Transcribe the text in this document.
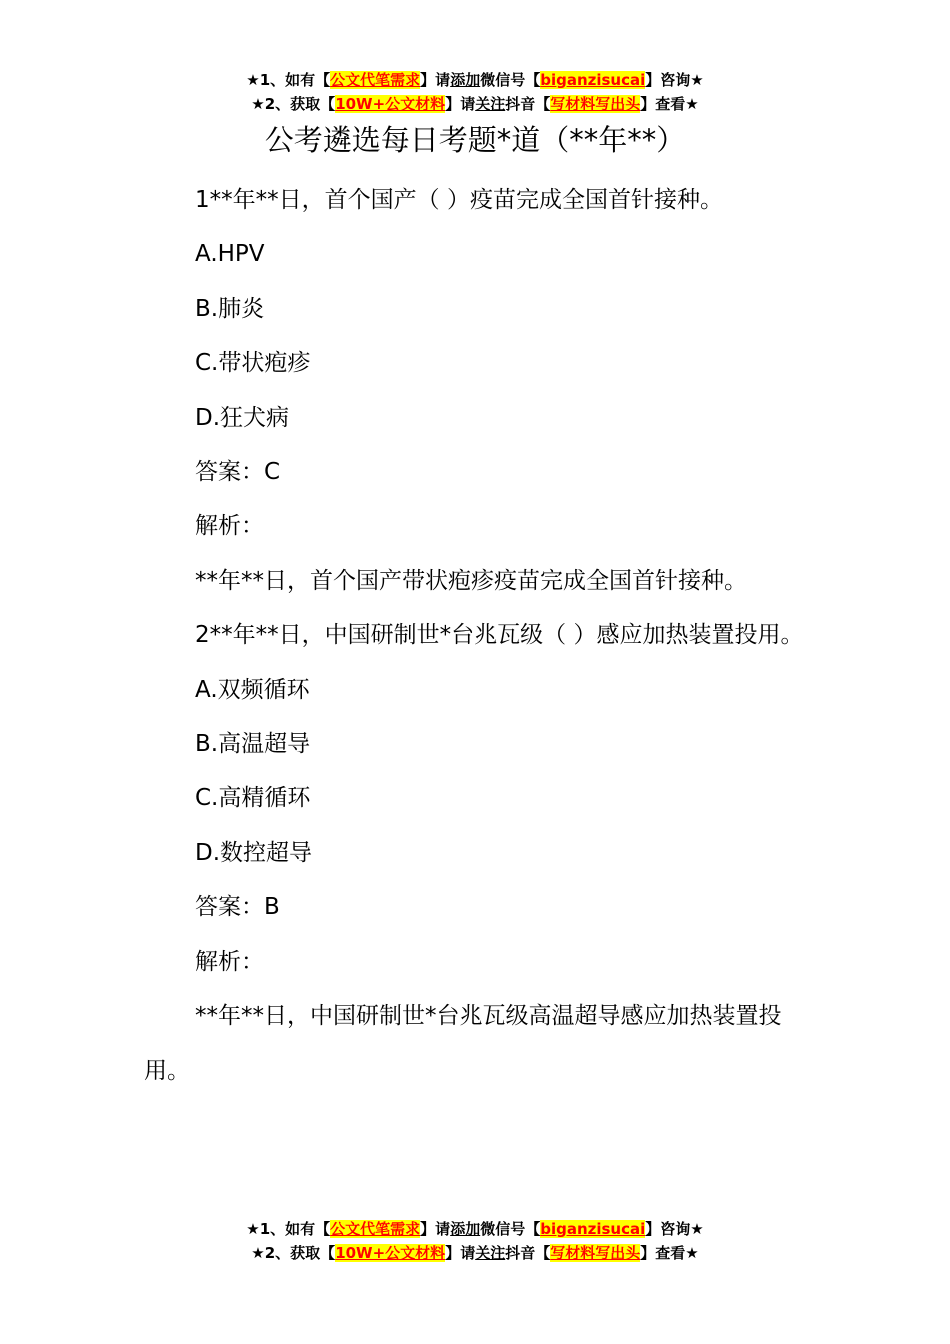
★1、如有【公文代笔需求】请添加微信号【biganzisucai】咨询★
★2、获取【10W+公文材料】请关注抖音【写材料写出头】查看★
公考遴选每日考题*道（**年**）

1**年**日，首个国产（ ）疫苗完成全国首针接种。

A.HPV

B.肺炎

C.带状疱疹

D.狂犬病

答案：C

解析：

**年**日，首个国产带状疱疹疫苗完成全国首针接种。

2**年**日，中国研制世*台兆瓦级（ ）感应加热装置投用。

A.双频循环

B.高温超导

C.高精循环

D.数控超导

答案：B

解析：

**年**日，中国研制世*台兆瓦级高温超导感应加热装置投用。

★1、如有【公文代笔需求】请添加微信号【biganzisucai】咨询★
★2、获取【10W+公文材料】请关注抖音【写材料写出头】查看★
